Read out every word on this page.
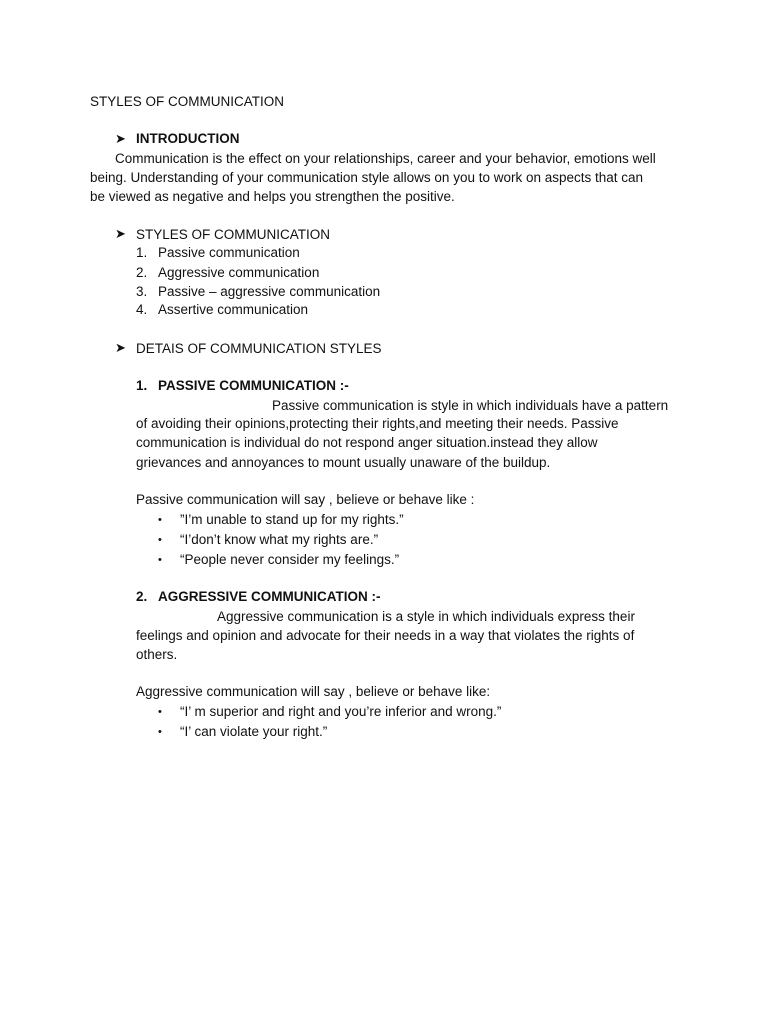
STYLES OF COMMUNICATION
➤ INTRODUCTION
Communication is the effect on your relationships, career and your behavior, emotions well
being. Understanding of your communication style allows on you to work on aspects that can
be viewed as negative and helps you strengthen the positive.
➤ STYLES OF COMMUNICATION
1. Passive communication
2. Aggressive communication
3. Passive – aggressive communication
4. Assertive communication
➤ DETAIS OF COMMUNICATION STYLES
1. PASSIVE COMMUNICATION :-
Passive communication is style in which individuals have a pattern
of avoiding their opinions,protecting their rights,and meeting their needs. Passive
communication is individual do not respond anger situation.instead they allow
grievances and annoyances to mount usually unaware of the buildup.
Passive communication will say , believe or behave like :
• ”I’m unable to stand up for my rights.”
• “I’don’t know what my rights are.”
• “People never consider my feelings.”
2. AGGRESSIVE COMMUNICATION :-
Aggressive communication is a style in which individuals express their
feelings and opinion and advocate for their needs in a way that violates the rights of
others.
Aggressive communication will say , believe or behave like:
• “I’ m superior and right and you’re inferior and wrong.”
• “I’ can violate your right.”
